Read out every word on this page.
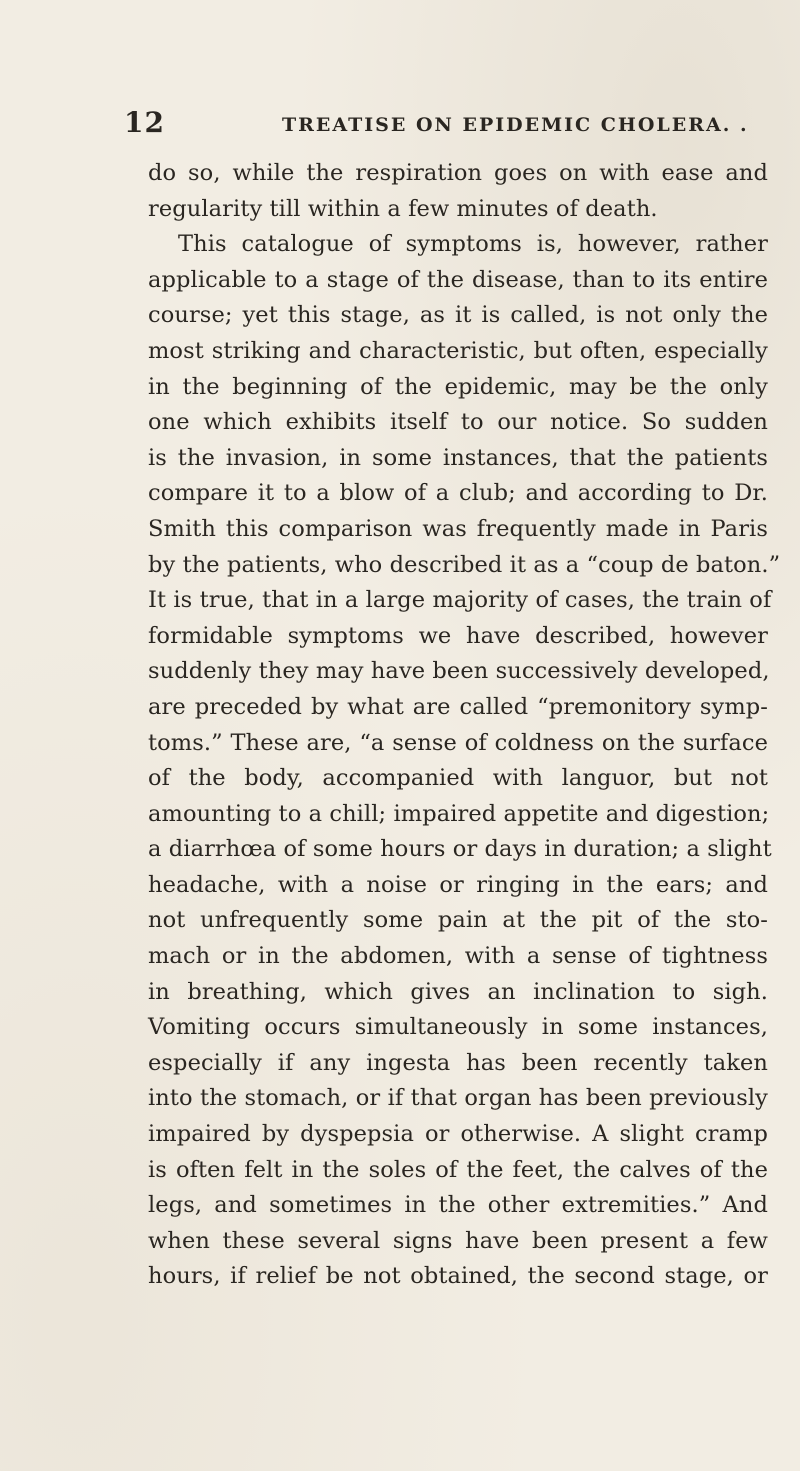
12	TREATISE ON EPIDEMIC CHOLERA. .
do so, while the respiration goes on with ease and
regularity till within a few minutes of death.
This catalogue of symptoms is, however, rather
applicable to a stage of the disease, than to its entire
course; yet this stage, as it is called, is not only the
most striking and characteristic, but often, especially
in the beginning of the epidemic, may be the only
one which exhibits itself to our notice. So sudden
is the invasion, in some instances, that the patients
compare it to a blow of a club; and according to Dr.
Smith this comparison was frequently made in Paris
by the patients, who described it as a “coup de baton.”
It is true, that in a large majority of cases, the train of
formidable symptoms we have described, however
suddenly they may have been successively developed,
are preceded by what are called “premonitory symp-
toms.” These are, “a sense of coldness on the surface
of the body, accompanied with languor, but not
amounting to a chill; impaired appetite and digestion;
a diarrhœa of some hours or days in duration; a slight
headache, with a noise or ringing in the ears; and
not unfrequently some pain at the pit of the sto-
mach or in the abdomen, with a sense of tightness
in breathing, which gives an inclination to sigh.
Vomiting occurs simultaneously in some instances,
especially if any ingesta has been recently taken
into the stomach, or if that organ has been previously
impaired by dyspepsia or otherwise. A slight cramp
is often felt in the soles of the feet, the calves of the
legs, and sometimes in the other extremities.” And
when these several signs have been present a few
hours, if relief be not obtained, the second stage, or
